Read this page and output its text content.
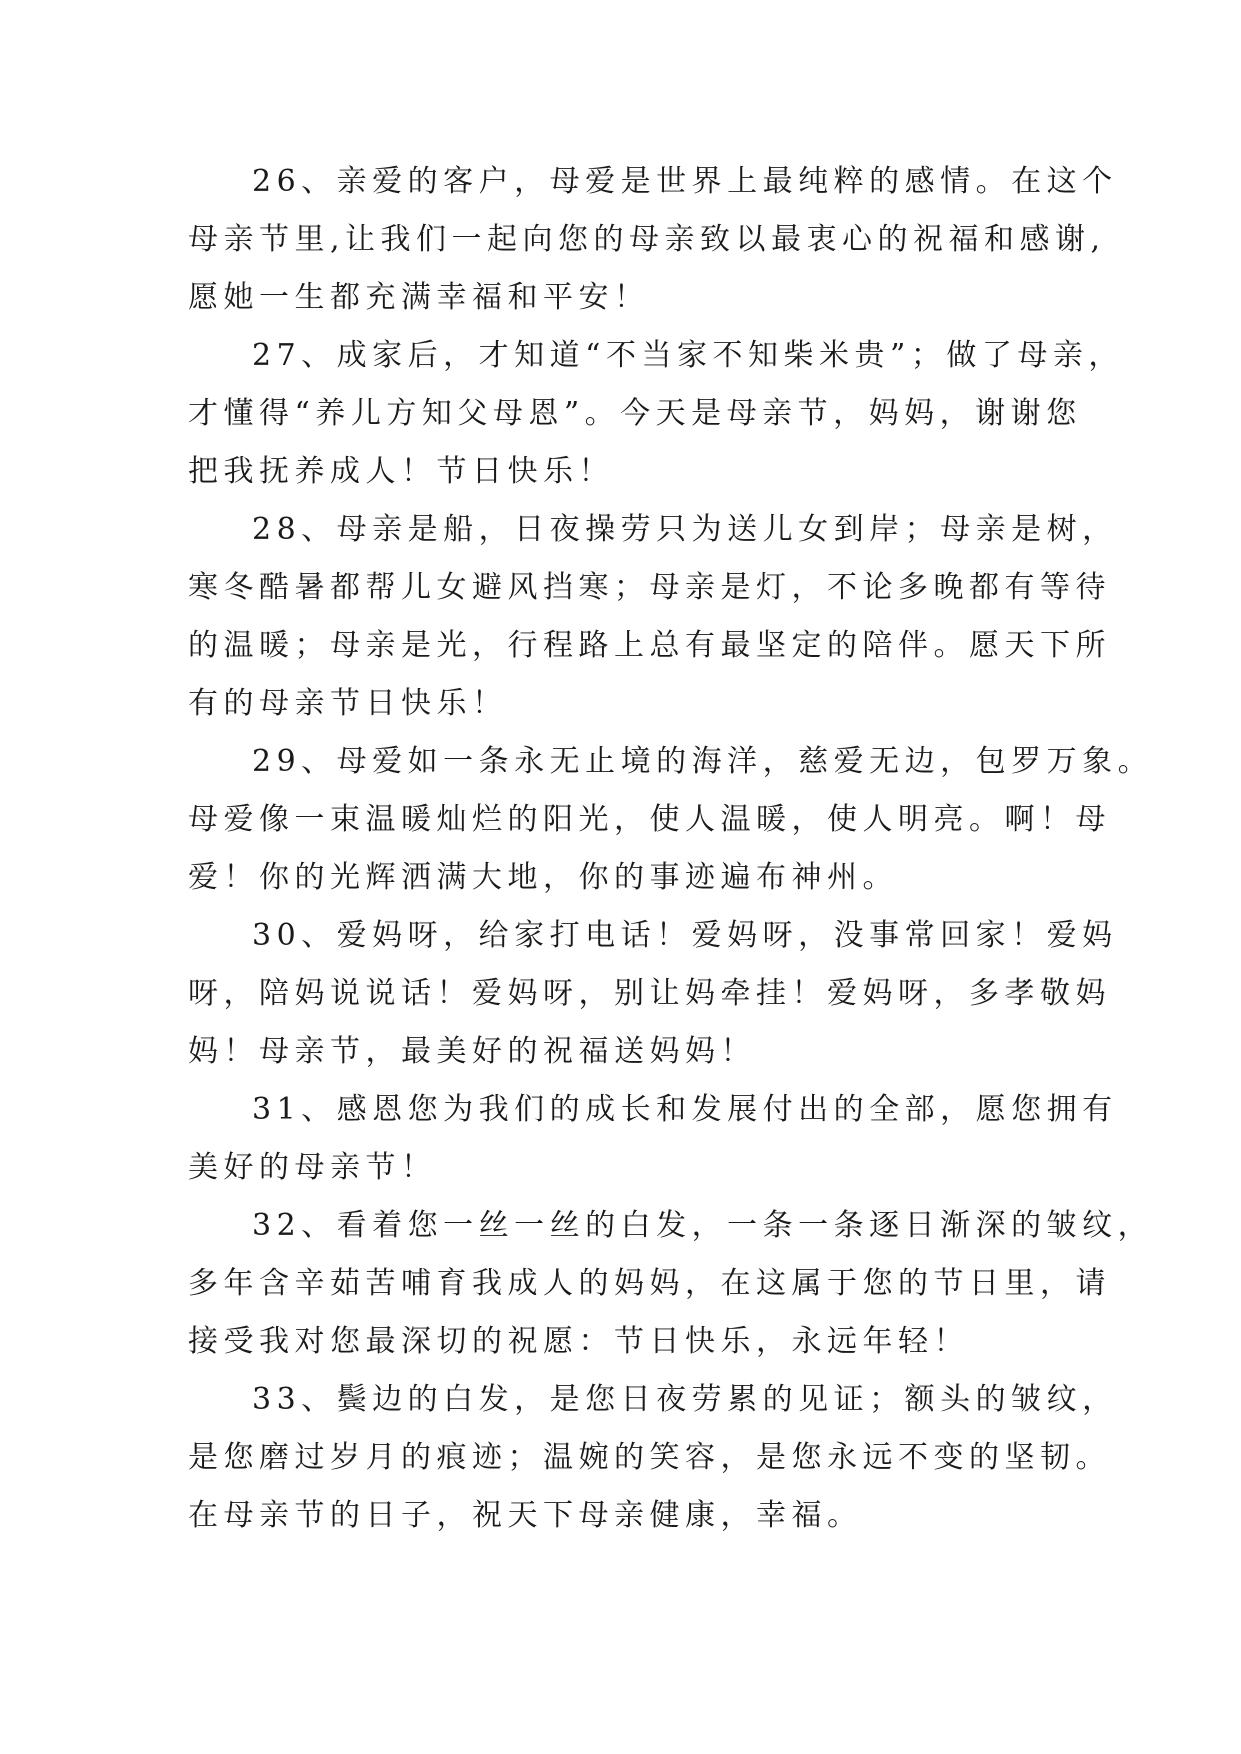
26、亲爱的客户，母爱是世界上最纯粹的感情。在这个
母亲节里,让我们一起向您的母亲致以最衷心的祝福和感谢,
愿她一生都充满幸福和平安！
27、成家后，才知道“不当家不知柴米贵”；做了母亲，
才懂得“养儿方知父母恩”。今天是母亲节，妈妈，谢谢您
把我抚养成人！节日快乐！
28、母亲是船，日夜操劳只为送儿女到岸；母亲是树，
寒冬酷暑都帮儿女避风挡寒；母亲是灯，不论多晚都有等待
的温暖；母亲是光，行程路上总有最坚定的陪伴。愿天下所
有的母亲节日快乐！
29、母爱如一条永无止境的海洋，慈爱无边，包罗万象。
母爱像一束温暖灿烂的阳光，使人温暖，使人明亮。啊！母
爱！你的光辉洒满大地，你的事迹遍布神州。
30、爱妈呀，给家打电话！爱妈呀，没事常回家！爱妈
呀，陪妈说说话！爱妈呀，别让妈牵挂！爱妈呀，多孝敬妈
妈！母亲节，最美好的祝福送妈妈！
31、感恩您为我们的成长和发展付出的全部，愿您拥有
美好的母亲节！
32、看着您一丝一丝的白发，一条一条逐日渐深的皱纹，
多年含辛茹苦哺育我成人的妈妈，在这属于您的节日里，请
接受我对您最深切的祝愿：节日快乐，永远年轻！
33、鬓边的白发，是您日夜劳累的见证；额头的皱纹，
是您磨过岁月的痕迹；温婉的笑容，是您永远不变的坚韧。
在母亲节的日子，祝天下母亲健康，幸福。
